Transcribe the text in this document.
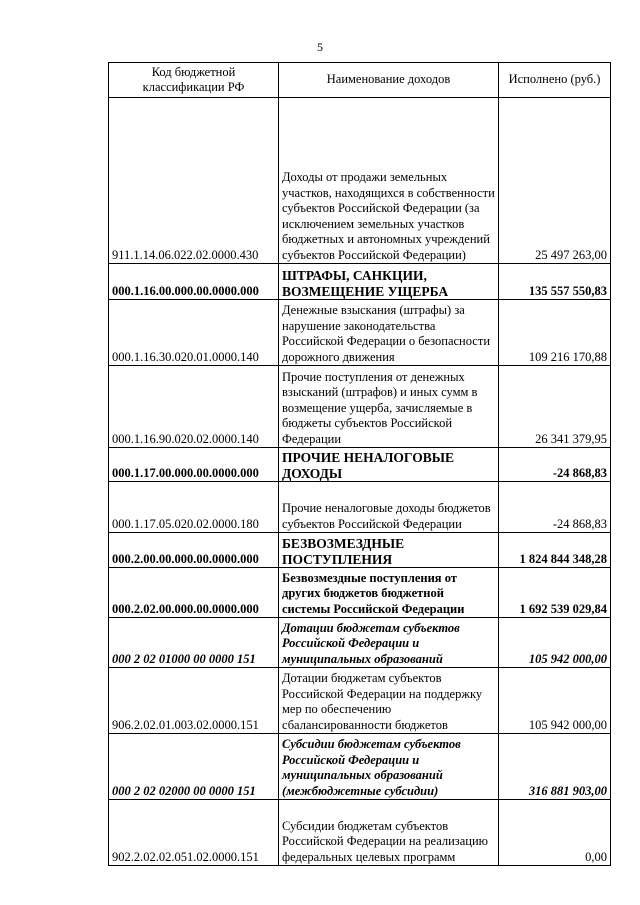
5
Код бюджетной классификации РФ	Наименование доходов	Исполнено (руб.)
911.1.14.06.022.02.0000.430	Доходы от продажи земельных участков, находящихся в собственности субъектов Российской Федерации (за исключением земельных участков бюджетных и автономных учреждений субъектов Российской Федерации)	25 497 263,00
000.1.16.00.000.00.0000.000	ШТРАФЫ, САНКЦИИ, ВОЗМЕЩЕНИЕ УЩЕРБА	135 557 550,83
000.1.16.30.020.01.0000.140	Денежные взыскания (штрафы) за нарушение законодательства Российской Федерации о безопасности дорожного движения	109 216 170,88
000.1.16.90.020.02.0000.140	Прочие поступления от денежных взысканий (штрафов) и иных сумм в возмещение ущерба, зачисляемые в бюджеты субъектов Российской Федерации	26 341 379,95
000.1.17.00.000.00.0000.000	ПРОЧИЕ НЕНАЛОГОВЫЕ ДОХОДЫ	-24 868,83
000.1.17.05.020.02.0000.180	Прочие неналоговые доходы бюджетов субъектов Российской Федерации	-24 868,83
000.2.00.00.000.00.0000.000	БЕЗВОЗМЕЗДНЫЕ ПОСТУПЛЕНИЯ	1 824 844 348,28
000.2.02.00.000.00.0000.000	Безвозмездные поступления от других бюджетов бюджетной системы Российской Федерации	1 692 539 029,84
000 2 02 01000 00 0000 151	Дотации бюджетам субъектов Российской Федерации и муниципальных образований	105 942 000,00
906.2.02.01.003.02.0000.151	Дотации бюджетам субъектов Российской Федерации на поддержку мер по обеспечению сбалансированности бюджетов	105 942 000,00
000 2 02 02000 00 0000 151	Субсидии бюджетам субъектов Российской Федерации и муниципальных образований (межбюджетные субсидии)	316 881 903,00
902.2.02.02.051.02.0000.151	Субсидии бюджетам субъектов Российской Федерации на реализацию федеральных целевых программ	0,00
